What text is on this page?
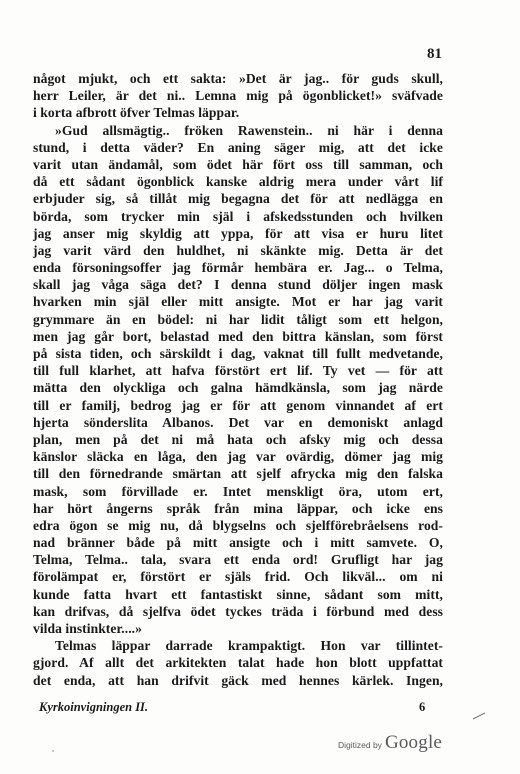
81
något mjukt, och ett sakta: »Det är jag.. för guds skull,
herr Leiler, är det ni.. Lemna mig på ögonblicket!» sväfvade
i korta afbrott öfver Telmas läppar.
»Gud allsmägtig.. fröken Rawenstein.. ni här i denna
stund, i detta väder? En aning säger mig, att det icke
varit utan ändamål, som ödet här fört oss till samman, och
då ett sådant ögonblick kanske aldrig mera under vårt lif
erbjuder sig, så tillåt mig begagna det för att nedlägga en
börda, som trycker min själ i afskedsstunden och hvilken
jag anser mig skyldig att yppa, för att visa er huru litet
jag varit värd den huldhet, ni skänkte mig. Detta är det
enda försoningsoffer jag förmår hembära er. Jag... o Telma,
skall jag våga säga det? I denna stund döljer ingen mask
hvarken min själ eller mitt ansigte. Mot er har jag varit
grymmare än en bödel: ni har lidit tåligt som ett helgon,
men jag går bort, belastad med den bittra känslan, som först
på sista tiden, och särskildt i dag, vaknat till fullt medvetande,
till full klarhet, att hafva förstört ert lif. Ty vet — för att
mätta den olyckliga och galna hämdkänsla, som jag närde
till er familj, bedrog jag er för att genom vinnandet af ert
hjerta sönderslita Albanos. Det var en demoniskt anlagd
plan, men på det ni må hata och afsky mig och dessa
känslor släcka en låga, den jag var ovärdig, dömer jag mig
till den förnedrande smärtan att sjelf afrycka mig den falska
mask, som förvillade er. Intet menskligt öra, utom ert,
har hört ångerns språk från mina läppar, och icke ens
edra ögon se mig nu, då blygselns och sjelfförebråelsens rod-
nad bränner både på mitt ansigte och i mitt samvete. O,
Telma, Telma.. tala, svara ett enda ord! Grufligt har jag
förolämpat er, förstört er själs frid. Och likväl... om ni
kunde fatta hvart ett fantastiskt sinne, sådant som mitt,
kan drifvas, då sjelfva ödet tyckes träda i förbund med dess
vilda instinkter....»
Telmas läppar darrade krampaktigt. Hon var tillintet-
gjord. Af allt det arkitekten talat hade hon blott uppfattat
det enda, att han drifvit gäck med hennes kärlek. Ingen,
Kyrkoinvigningen II.	6
Digitized by Google
